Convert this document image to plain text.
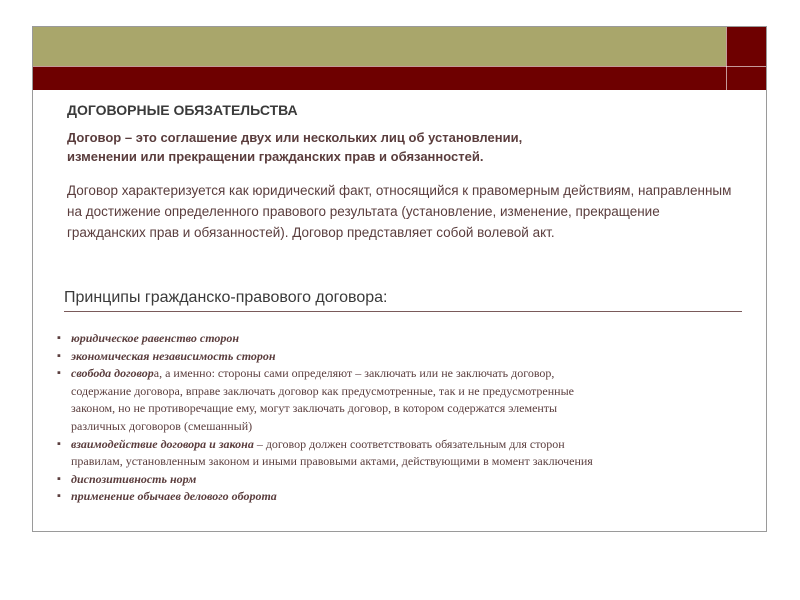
ДОГОВОРНЫЕ ОБЯЗАТЕЛЬСТВА
Договор – это соглашение двух или нескольких лиц об установлении,
изменении или прекращении гражданских прав и обязанностей.
Договор характеризуется как юридический факт, относящийся к правомерным действиям, направленным на достижение определенного правового результата (установление, изменение, прекращение гражданских прав и обязанностей). Договор представляет собой волевой акт.
Принципы гражданско-правового договора:
▪ юридическое равенство сторон
▪ экономическая независимость сторон
▪ свобода договора, а именно: стороны сами определяют – заключать или не заключать договор,
содержание договора, вправе заключать договор как предусмотренные, так и не предусмотренные
законом, но не противоречащие ему, могут заключать договор, в котором содержатся элементы
различных договоров (смешанный)
▪ взаимодействие договора и закона – договор должен соответствовать обязательным для сторон
правилам, установленным законом и иными правовыми актами, действующими в момент заключения
▪ диспозитивность норм
▪ применение обычаев делового оборота
